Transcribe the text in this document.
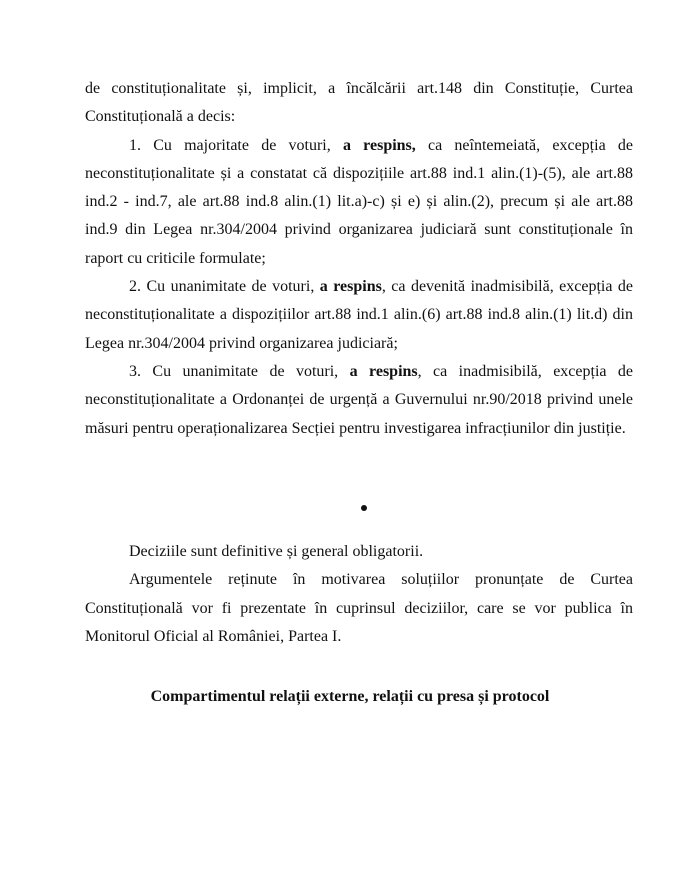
de constituționalitate și, implicit, a încălcării art.148 din Constituție, Curtea Constituțională a decis:

1. Cu majoritate de voturi, a respins, ca neîntemeiată, excepția de neconstituționalitate și a constatat că dispozițiile art.88 ind.1 alin.(1)-(5), ale art.88 ind.2 - ind.7, ale art.88 ind.8 alin.(1) lit.a)-c) și e) și alin.(2), precum și ale art.88 ind.9 din Legea nr.304/2004 privind organizarea judiciară sunt constituționale în raport cu criticile formulate;

2. Cu unanimitate de voturi, a respins, ca devenită inadmisibilă, excepția de neconstituționalitate a dispozițiilor art.88 ind.1 alin.(6) art.88 ind.8 alin.(1) lit.d) din Legea nr.304/2004 privind organizarea judiciară;

3. Cu unanimitate de voturi, a respins, ca inadmisibilă, excepția de neconstituționalitate a Ordonanței de urgență a Guvernului nr.90/2018 privind unele măsuri pentru operaționalizarea Secției pentru investigarea infracțiunilor din justiție.

Deciziile sunt definitive și general obligatorii.

Argumentele reținute în motivarea soluțiilor pronunțate de Curtea Constituțională vor fi prezentate în cuprinsul deciziilor, care se vor publica în Monitorul Oficial al României, Partea I.

Compartimentul relații externe, relații cu presa și protocol
